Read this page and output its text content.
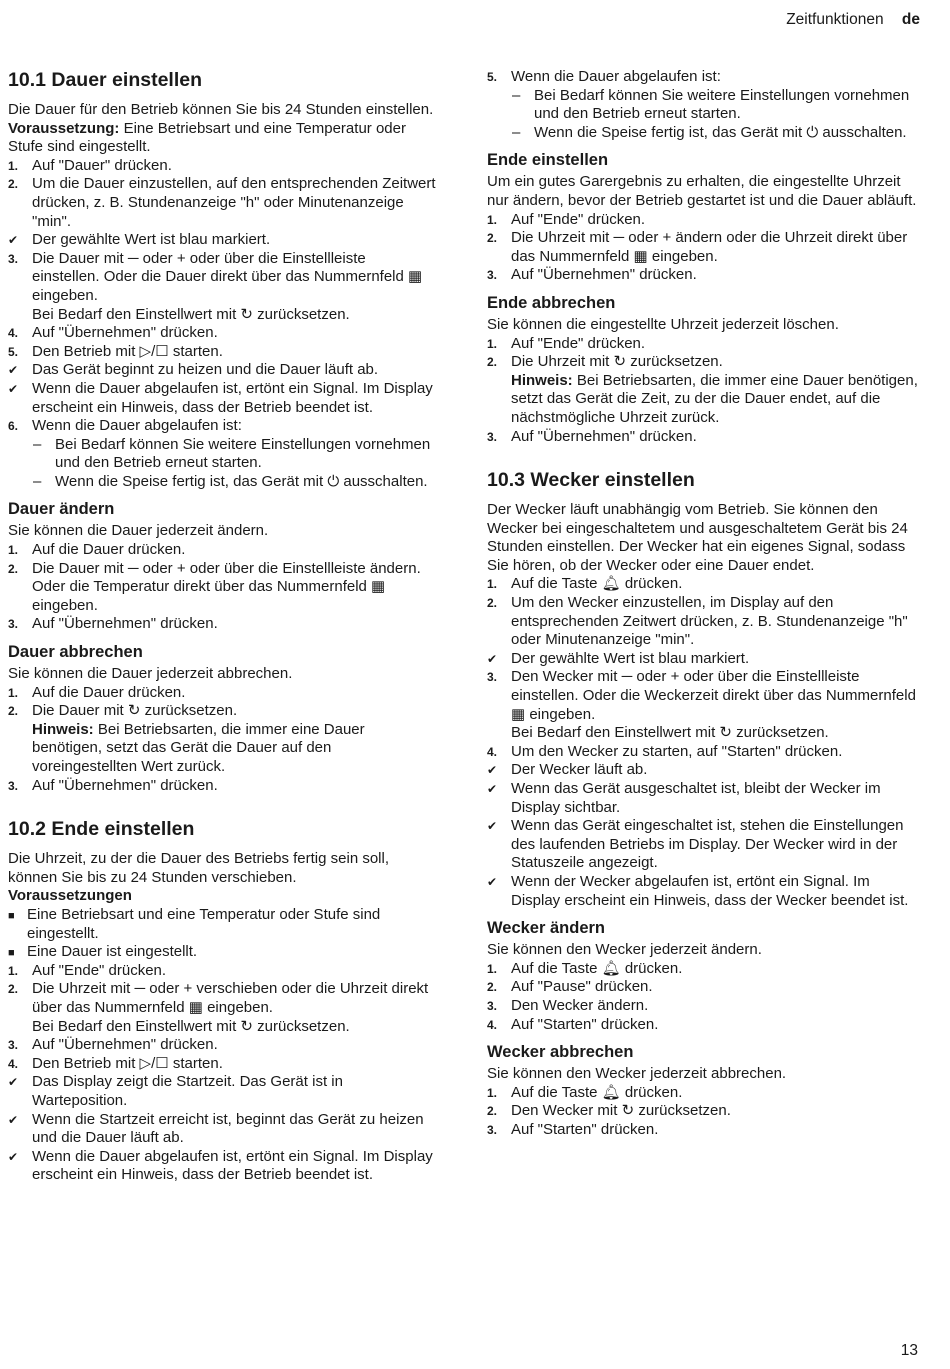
Zeitfunktionen de
10.1 Dauer einstellen

Die Dauer für den Betrieb können Sie bis 24 Stunden einstellen.

Voraussetzung: Eine Betriebsart und eine Temperatur oder Stufe sind eingestellt.

1. Auf "Dauer" drücken.
2. Um die Dauer einzustellen, auf den entsprechenden Zeitwert drücken, z. B. Stundenanzeige "h" oder Minutenanzeige "min".
✔ Der gewählte Wert ist blau markiert.
3. Die Dauer mit ─ oder + oder über die Einstellleiste einstellen. Oder die Dauer direkt über das Nummernfeld ▦ eingeben.
Bei Bedarf den Einstellwert mit ↻ zurücksetzen.
4. Auf "Übernehmen" drücken.
5. Den Betrieb mit ▷/☐ starten.
✔ Das Gerät beginnt zu heizen und die Dauer läuft ab.
✔ Wenn die Dauer abgelaufen ist, ertönt ein Signal. Im Display erscheint ein Hinweis, dass der Betrieb beendet ist.
6. Wenn die Dauer abgelaufen ist:
– Bei Bedarf können Sie weitere Einstellungen vornehmen und den Betrieb erneut starten.
– Wenn die Speise fertig ist, das Gerät mit ⏻ ausschalten.
Dauer ändern

Sie können die Dauer jederzeit ändern.

1. Auf die Dauer drücken.
2. Die Dauer mit ─ oder + oder über die Einstellleiste ändern. Oder die Temperatur direkt über das Nummernfeld ▦ eingeben.
3. Auf "Übernehmen" drücken.
Dauer abbrechen

Sie können die Dauer jederzeit abbrechen.

1. Auf die Dauer drücken.
2. Die Dauer mit ↻ zurücksetzen.
Hinweis: Bei Betriebsarten, die immer eine Dauer benötigen, setzt das Gerät die Dauer auf den voreingestellten Wert zurück.
3. Auf "Übernehmen" drücken.
10.2 Ende einstellen

Die Uhrzeit, zu der die Dauer des Betriebs fertig sein soll, können Sie bis zu 24 Stunden verschieben.

Voraussetzungen

■ Eine Betriebsart und eine Temperatur oder Stufe sind eingestellt.
■ Eine Dauer ist eingestellt.
1. Auf "Ende" drücken.
2. Die Uhrzeit mit ─ oder + verschieben oder die Uhrzeit direkt über das Nummernfeld ▦ eingeben.
Bei Bedarf den Einstellwert mit ↻ zurücksetzen.
3. Auf "Übernehmen" drücken.
4. Den Betrieb mit ▷/☐ starten.
✔ Das Display zeigt die Startzeit. Das Gerät ist in Warteposition.
✔ Wenn die Startzeit erreicht ist, beginnt das Gerät zu heizen und die Dauer läuft ab.
✔ Wenn die Dauer abgelaufen ist, ertönt ein Signal. Im Display erscheint ein Hinweis, dass der Betrieb beendet ist.
5. Wenn die Dauer abgelaufen ist:
– Bei Bedarf können Sie weitere Einstellungen vornehmen und den Betrieb erneut starten.
– Wenn die Speise fertig ist, das Gerät mit ⏻ ausschalten.
Ende einstellen

Um ein gutes Garergebnis zu erhalten, die eingestellte Uhrzeit nur ändern, bevor der Betrieb gestartet ist und die Dauer abläuft.

1. Auf "Ende" drücken.
2. Die Uhrzeit mit ─ oder + ändern oder die Uhrzeit direkt über das Nummernfeld ▦ eingeben.
3. Auf "Übernehmen" drücken.
Ende abbrechen

Sie können die eingestellte Uhrzeit jederzeit löschen.

1. Auf "Ende" drücken.
2. Die Uhrzeit mit ↻ zurücksetzen.
Hinweis: Bei Betriebsarten, die immer eine Dauer benötigen, setzt das Gerät die Zeit, zu der die Dauer endet, auf die nächstmögliche Uhrzeit zurück.
3. Auf "Übernehmen" drücken.
10.3 Wecker einstellen

Der Wecker läuft unabhängig vom Betrieb. Sie können den Wecker bei eingeschaltetem und ausgeschaltetem Gerät bis 24 Stunden einstellen. Der Wecker hat ein eigenes Signal, sodass Sie hören, ob der Wecker oder eine Dauer endet.

1. Auf die Taste 🔔︎ drücken.
2. Um den Wecker einzustellen, im Display auf den entsprechenden Zeitwert drücken, z. B. Stundenanzeige "h" oder Minutenanzeige "min".
✔ Der gewählte Wert ist blau markiert.
3. Den Wecker mit ─ oder + oder über die Einstellleiste einstellen. Oder die Weckerzeit direkt über das Nummernfeld ▦ eingeben.
Bei Bedarf den Einstellwert mit ↻ zurücksetzen.
4. Um den Wecker zu starten, auf "Starten" drücken.
✔ Der Wecker läuft ab.
✔ Wenn das Gerät ausgeschaltet ist, bleibt der Wecker im Display sichtbar.
✔ Wenn das Gerät eingeschaltet ist, stehen die Einstellungen des laufenden Betriebs im Display. Der Wecker wird in der Statuszeile angezeigt.
✔ Wenn der Wecker abgelaufen ist, ertönt ein Signal. Im Display erscheint ein Hinweis, dass der Wecker beendet ist.
Wecker ändern

Sie können den Wecker jederzeit ändern.

1. Auf die Taste 🔔︎ drücken.
2. Auf "Pause" drücken.
3. Den Wecker ändern.
4. Auf "Starten" drücken.
Wecker abbrechen

Sie können den Wecker jederzeit abbrechen.

1. Auf die Taste 🔔︎ drücken.
2. Den Wecker mit ↻ zurücksetzen.
3. Auf "Starten" drücken.
13
